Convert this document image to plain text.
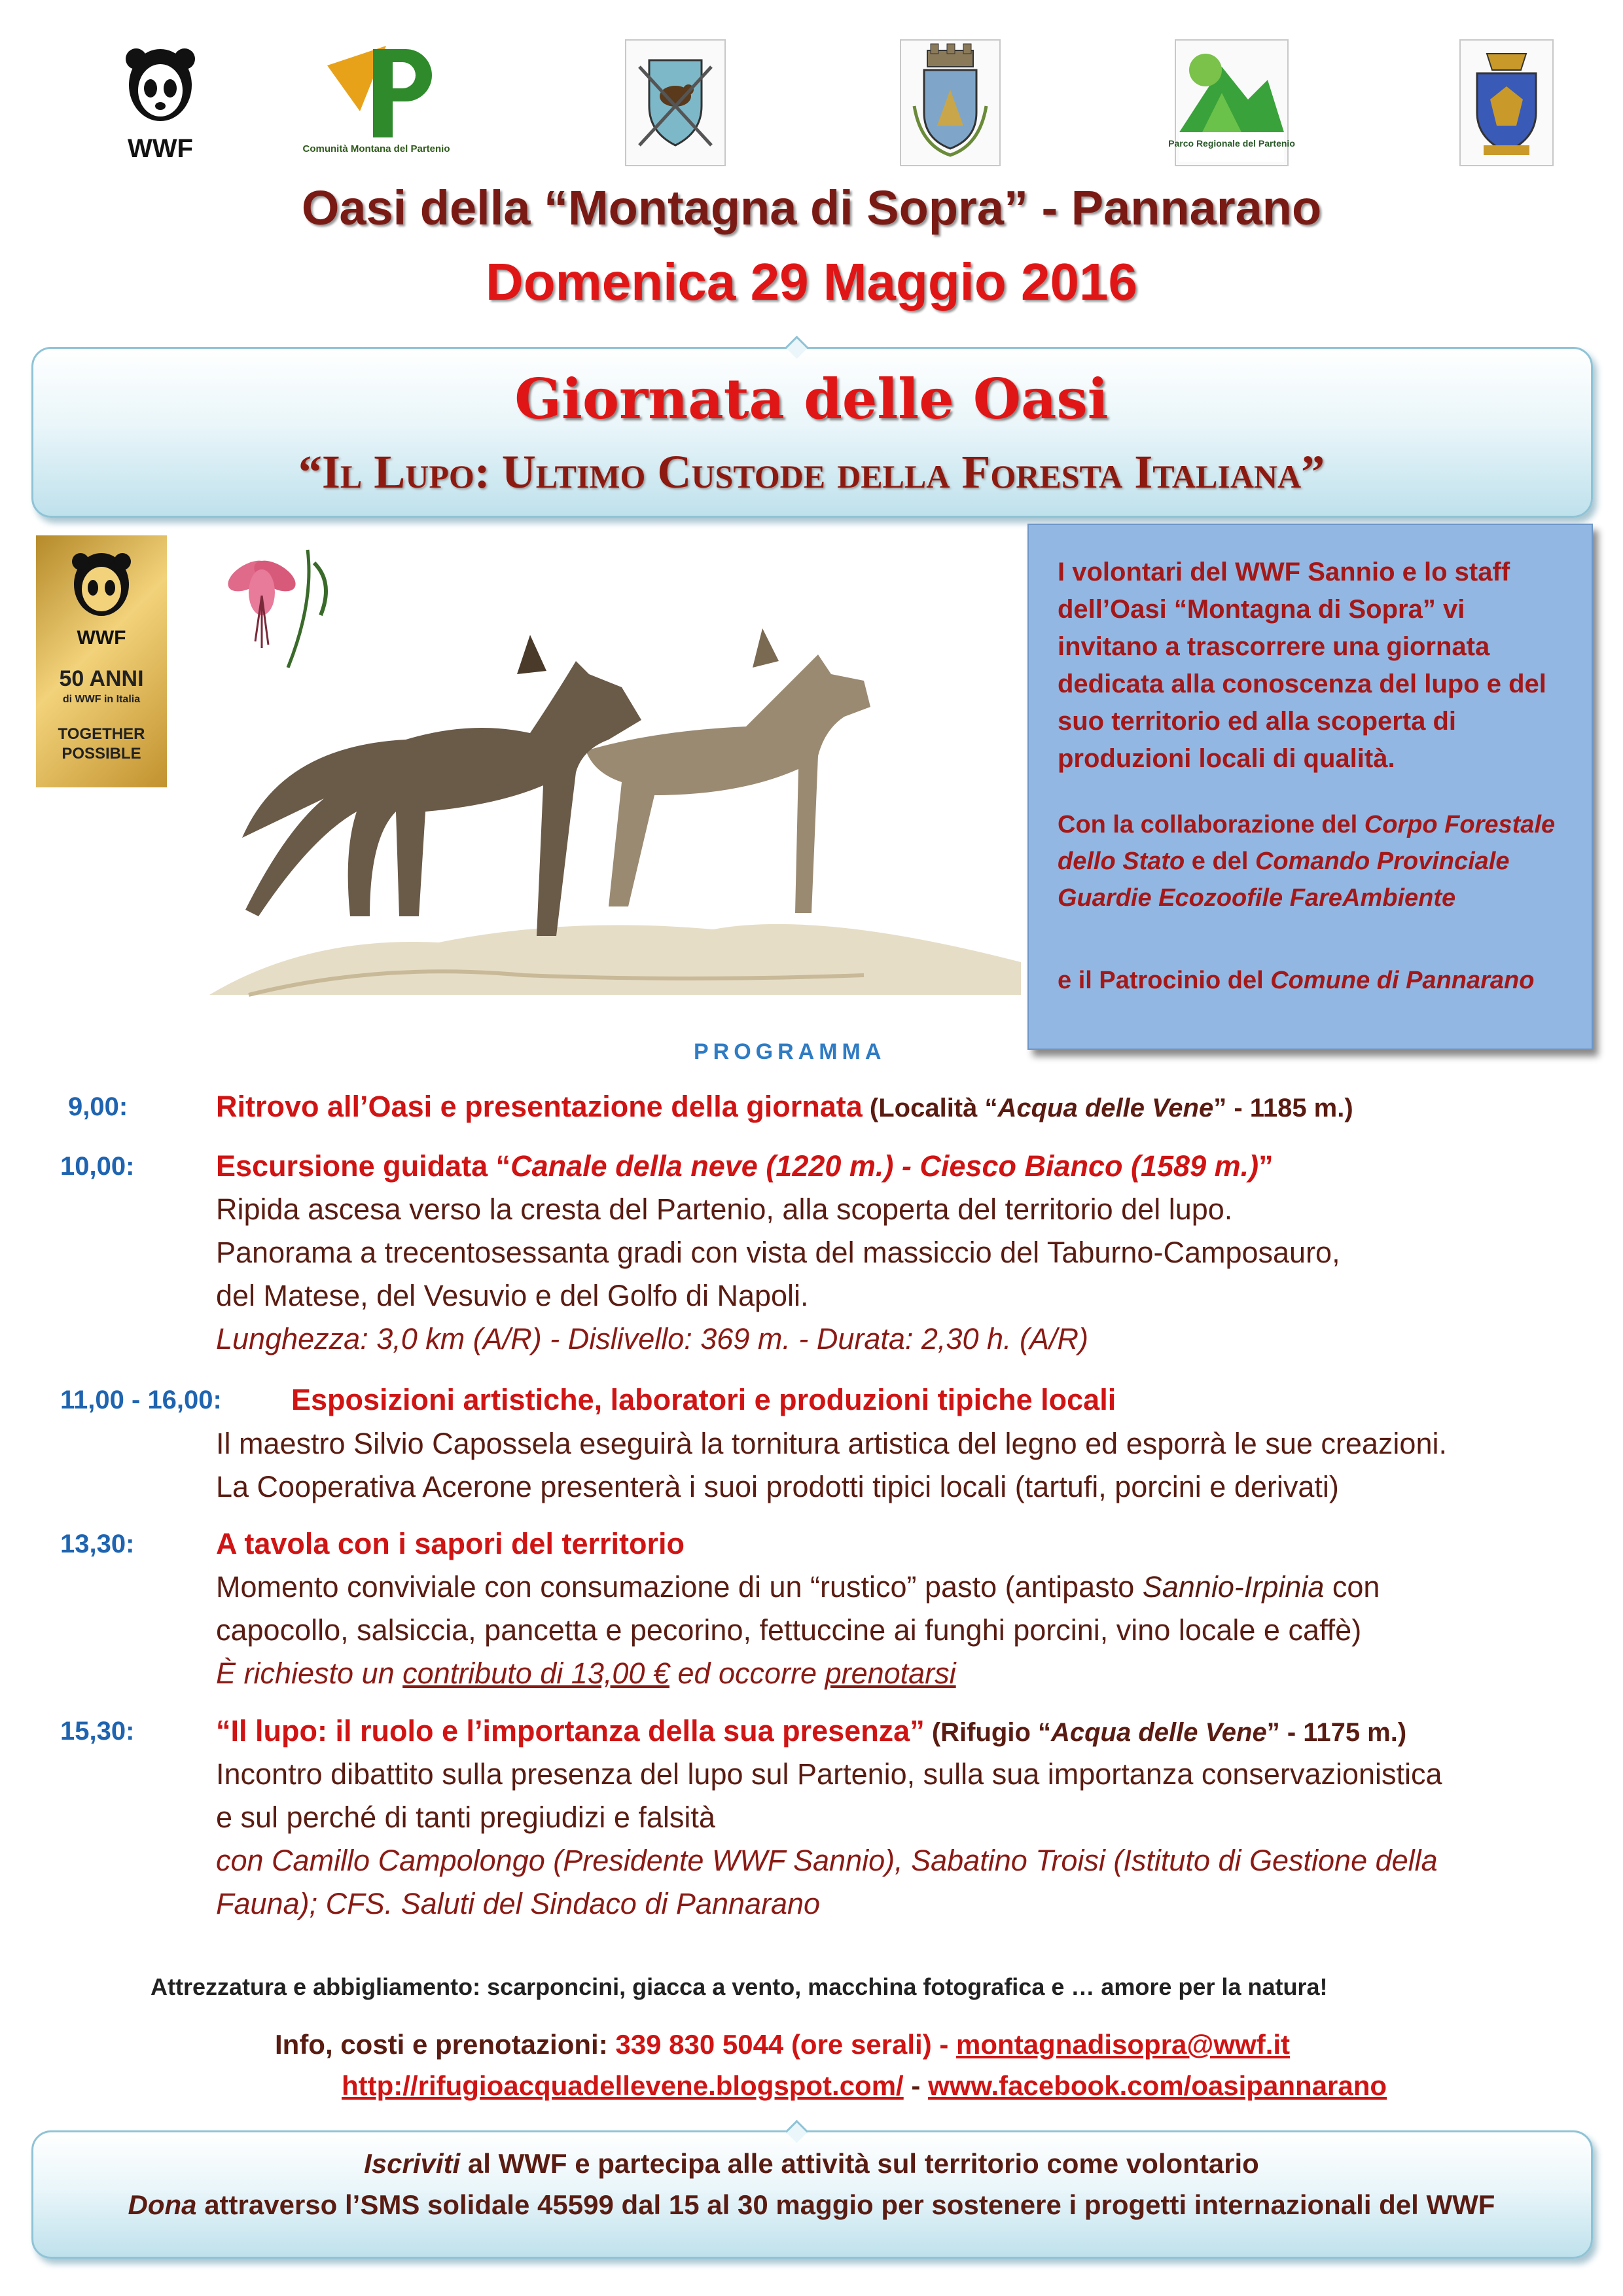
WWF	Comunità Montana del Partenio	Parco Regionale del Partenio
Oasi della “Montagna di Sopra” - Pannarano
Domenica 29 Maggio 2016
Giornata delle Oasi
“Il Lupo: Ultimo Custode della Foresta Italiana”
WWF
50 ANNI
di WWF in Italia
TOGETHER
POSSIBLE
I volontari del WWF Sannio e lo staff dell’Oasi “Montagna di Sopra” vi invitano a trascorrere una giornata dedicata alla conoscenza del lupo e del suo territorio ed alla scoperta di produzioni locali di qualità.
Con la collaborazione del Corpo Forestale dello Stato e del Comando Provinciale Guardie Ecozoofile FareAmbiente
e il Patrocinio del Comune di Pannarano
PROGRAMMA
9,00:	Ritrovo all’Oasi e presentazione della giornata (Località “Acqua delle Vene” - 1185 m.)
10,00:	Escursione guidata “Canale della neve (1220 m.) - Ciesco Bianco (1589 m.)”
Ripida ascesa verso la cresta del Partenio, alla scoperta del territorio del lupo.
Panorama a trecentosessanta gradi con vista del massiccio del Taburno-Camposauro,
del Matese, del Vesuvio e del Golfo di Napoli.
Lunghezza: 3,0 km (A/R) - Dislivello: 369 m. - Durata: 2,30 h. (A/R)
11,00 - 16,00: Esposizioni artistiche, laboratori e produzioni tipiche locali
Il maestro Silvio Capossela eseguirà la tornitura artistica del legno ed esporrà le sue creazioni.
La Cooperativa Acerone presenterà i suoi prodotti tipici locali (tartufi, porcini e derivati)
13,30:	A tavola con i sapori del territorio
Momento conviviale con consumazione di un “rustico” pasto (antipasto Sannio-Irpinia con
capocollo, salsiccia, pancetta e pecorino, fettuccine ai funghi porcini, vino locale e caffè)
È richiesto un contributo di 13,00 € ed occorre prenotarsi
15,30:	“Il lupo: il ruolo e l’importanza della sua presenza” (Rifugio “Acqua delle Vene” - 1175 m.)
Incontro dibattito sulla presenza del lupo sul Partenio, sulla sua importanza conservazionistica
e sul perché di tanti pregiudizi e falsità
con Camillo Campolongo (Presidente WWF Sannio), Sabatino Troisi (Istituto di Gestione della
Fauna); CFS. Saluti del Sindaco di Pannarano
Attrezzatura e abbigliamento: scarponcini, giacca a vento, macchina fotografica e … amore per la natura!
Info, costi e prenotazioni: 339 830 5044 (ore serali) - montagnadisopra@wwf.it
http://rifugioacquadellevene.blogspot.com/ - www.facebook.com/oasipannarano
Iscriviti al WWF e partecipa alle attività sul territorio come volontario
Dona attraverso l’SMS solidale 45599 dal 15 al 30 maggio per sostenere i progetti internazionali del WWF
